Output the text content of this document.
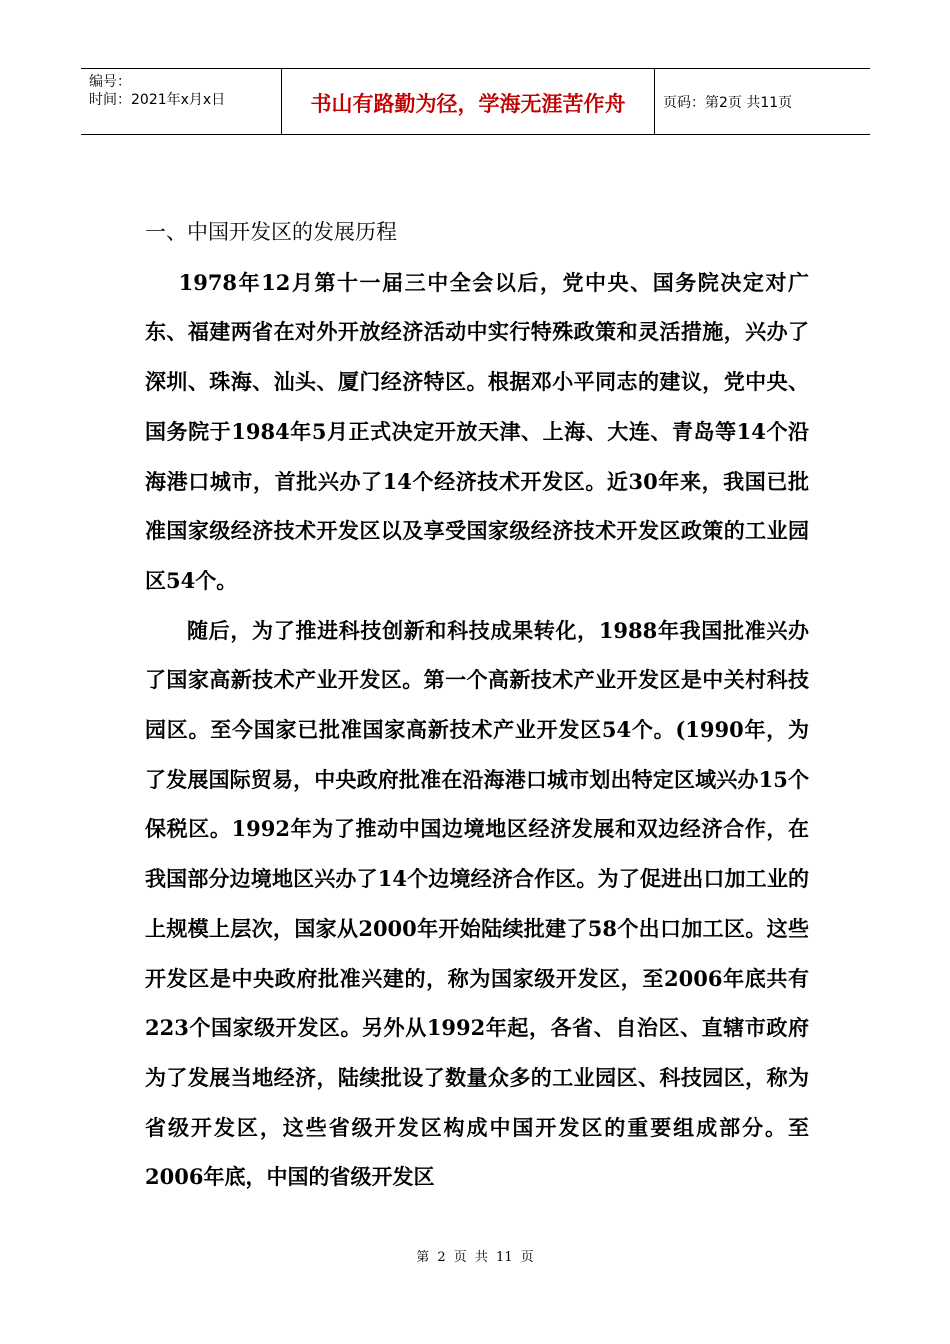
编号：
时间：2021年x月x日	书山有路勤为径，学海无涯苦作舟	页码：第2页 共11页

一、中国开发区的发展历程

1978年12月第十一届三中全会以后，党中央、国务院决定对广东、福建两省在对外开放经济活动中实行特殊政策和灵活措施，兴办了深圳、珠海、汕头、厦门经济特区。根据邓小平同志的建议，党中央、国务院于1984年5月正式决定开放天津、上海、大连、青岛等14个沿海港口城市，首批兴办了14个经济技术开发区。近30年来，我国已批准国家级经济技术开发区以及享受国家级经济技术开发区政策的工业园区54个。

随后，为了推进科技创新和科技成果转化，1988年我国批准兴办了国家高新技术产业开发区。第一个高新技术产业开发区是中关村科技园区。至今国家已批准国家高新技术产业开发区54个。(1990年，为了发展国际贸易，中央政府批准在沿海港口城市划出特定区域兴办15个保税区。1992年为了推动中国边境地区经济发展和双边经济合作，在我国部分边境地区兴办了14个边境经济合作区。为了促进出口加工业的上规模上层次，国家从2000年开始陆续批建了58个出口加工区。这些开发区是中央政府批准兴建的，称为国家级开发区，至2006年底共有223个国家级开发区。另外从1992年起，各省、自治区、直辖市政府为了发展当地经济，陆续批设了数量众多的工业园区、科技园区，称为省级开发区，这些省级开发区构成中国开发区的重要组成部分。至2006年底，中国的省级开发区

第 2 页 共 11 页
